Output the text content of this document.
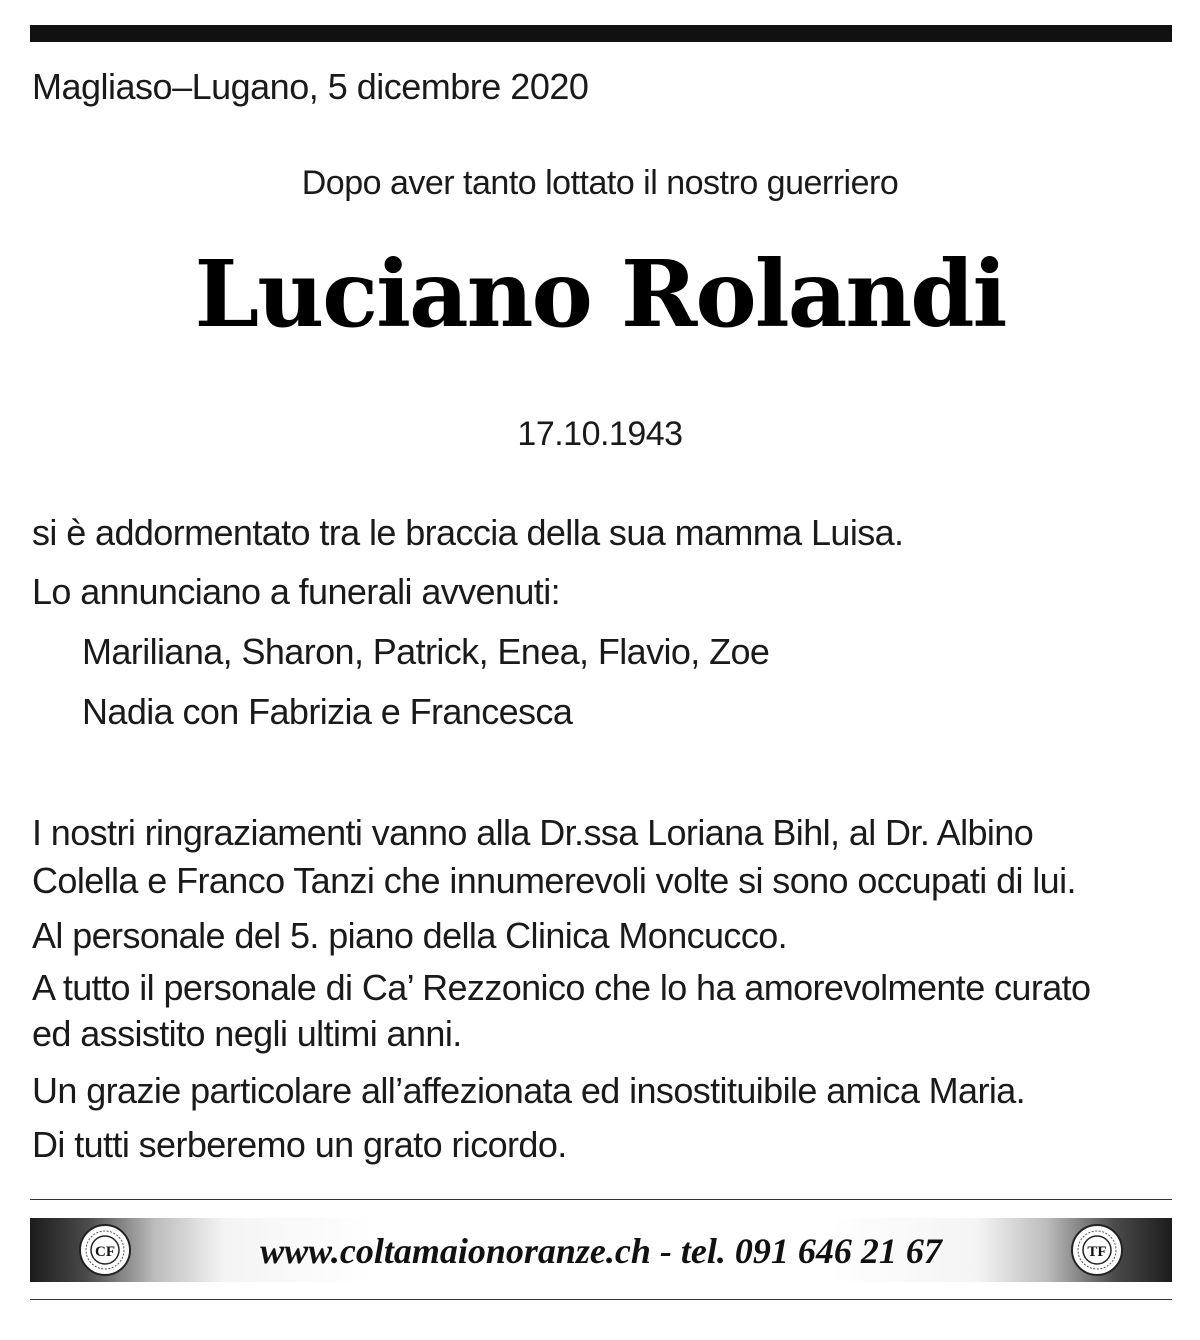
Magliaso–Lugano, 5 dicembre 2020
Dopo aver tanto lottato il nostro guerriero
Luciano Rolandi
17.10.1943
si è addormentato tra le braccia della sua mamma Luisa.
Lo annunciano a funerali avvenuti:
Mariliana, Sharon, Patrick, Enea, Flavio, Zoe
Nadia con Fabrizia e Francesca
I nostri ringraziamenti vanno alla Dr.ssa Loriana Bihl, al Dr. Albino
Colella e Franco Tanzi che innumerevoli volte si sono occupati di lui.
Al personale del 5. piano della Clinica Moncucco.
A tutto il personale di Ca’ Rezzonico che lo ha amorevolmente curato
ed assistito negli ultimi anni.
Un grazie particolare all’affezionata ed insostituibile amica Maria.
Di tutti serberemo un grato ricordo.
CF	www.coltamaionoranze.ch - tel. 091 646 21 67	TF
